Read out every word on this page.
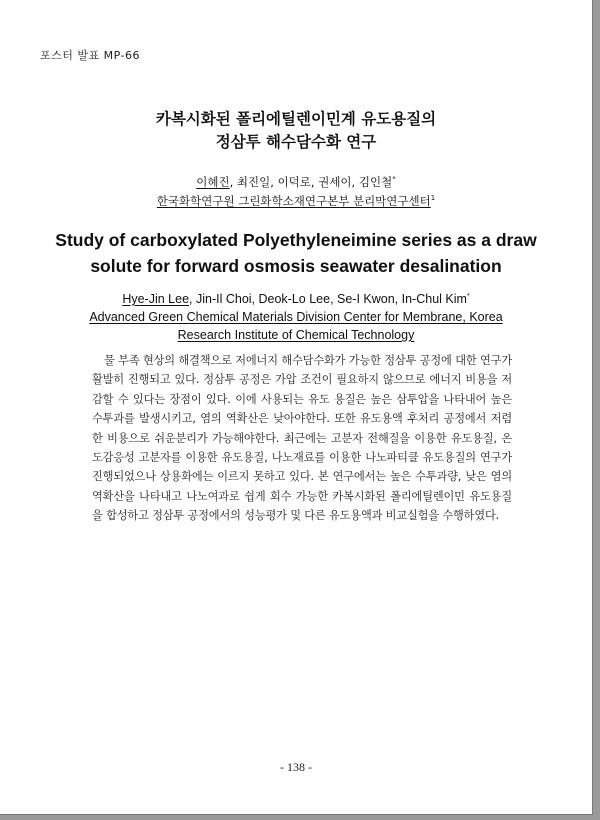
포스터 발표 MP-66
카복시화된 폴리에틸렌이민계 유도용질의
정삼투 해수담수화 연구
이혜진, 최진일, 이덕로, 권세이, 김인철*
한국화학연구원 그린화학소재연구본부 분리막연구센터$^1$
Study of carboxylated Polyethyleneimine series as a draw
solute for forward osmosis seawater desalination
Hye-Jin Lee, Jin-Il Choi, Deok-Lo Lee, Se-I Kwon, In-Chul Kim*
Advanced Green Chemical Materials Division Center for Membrane, Korea
Research Institute of Chemical Technology
물 부족 현상의 해결책으로 저에너지 해수담수화가 가능한 정삼투 공정에 대한 연구가 활발히 진행되고 있다. 정삼투 공정은 가압 조건이 필요하지 않으므로 에너지 비용을 저감할 수 있다는 장점이 있다. 이에 사용되는 유도 용질은 높은 삼투압을 나타내어 높은 수투과를 발생시키고, 염의 역확산은 낮아야한다. 또한 유도용액 후처리 공정에서 저렴한 비용으로 쉬운분리가 가능해야한다. 최근에는 고분자 전해질을 이용한 유도용질, 온도감응성 고분자를 이용한 유도용질, 나노재료를 이용한 나노파티클 유도용질의 연구가 진행되었으나 상용화에는 이르지 못하고 있다. 본 연구에서는 높은 수투과량, 낮은 염의 역확산을 나타내고 나노여과로 쉽게 회수 가능한 카복시화된 폴리에틸렌이민 유도용질을 합성하고 정삼투 공정에서의 성능평가 및 다른 유도용액과 비교실험을 수행하였다.
- 138 -
